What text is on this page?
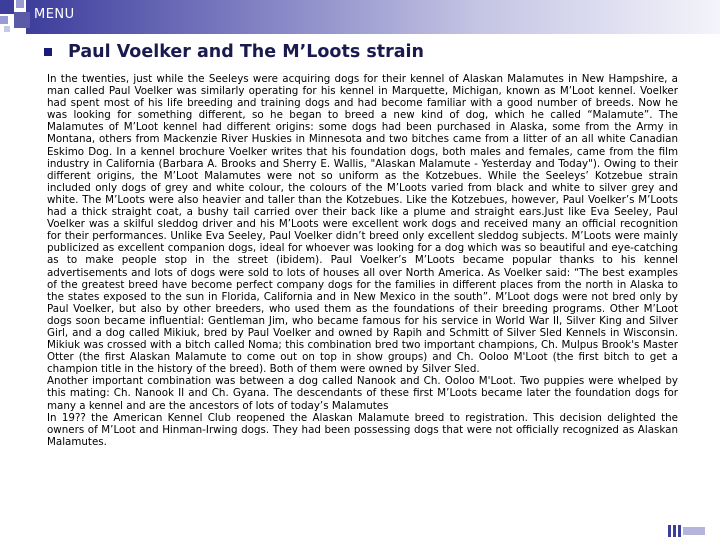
MENU
Paul Voelker and The M’Loots strain

In the twenties, just while the Seeleys were acquiring dogs for their kennel of Alaskan Malamutes in New Hampshire, a man called Paul Voelker was similarly operating for his kennel in Marquette, Michigan, known as M’Loot kennel. Voelker had spent most of his life breeding and training dogs and had become familiar with a good number of breeds. Now he was looking for something different, so he began to breed a new kind of dog, which he called “Malamute”. The Malamutes of M’Loot kennel had different origins: some dogs had been purchased in Alaska, some from the Army in Montana, others from Mackenzie River Huskies in Minnesota and two bitches came from a litter of an all white Canadian Eskimo Dog. In a kennel brochure Voelker writes that his foundation dogs, both males and females, came from the film industry in California (Barbara A. Brooks and Sherry E. Wallis, "Alaskan Malamute - Yesterday and Today"). Owing to their different origins, the M’Loot Malamutes were not so uniform as the Kotzebues. While the Seeleys’ Kotzebue strain included only dogs of grey and white colour, the colours of the M’Loots varied from black and white to silver grey and white. The M’Loots were also heavier and taller than the Kotzebues. Like the Kotzebues, however, Paul Voelker’s M’Loots had a thick straight coat, a bushy tail carried over their back like a plume and straight ears.Just like Eva Seeley, Paul Voelker was a skilful sleddog driver and his M’Loots were excellent work dogs and received many an official recognition for their performances. Unlike Eva Seeley, Paul Voelker didn’t breed only excellent sleddog subjects. M’Loots were mainly publicized as excellent companion dogs, ideal for whoever was looking for a dog which was so beautiful and eye-catching as to make people stop in the street (ibidem). Paul Voelker’s M’Loots became popular thanks to his kennel advertisements and lots of dogs were sold to lots of houses all over North America. As Voelker said: “The best examples of the greatest breed have become perfect company dogs for the families in different places from the north in Alaska to the states exposed to the sun in Florida, California and in New Mexico in the south”. M’Loot dogs were not bred only by Paul Voelker, but also by other breeders, who used them as the foundations of their breeding programs. Other M’Loot dogs soon became influential: Gentleman Jim, who became famous for his service in World War II, Silver King and Silver Girl, and a dog called Mikiuk, bred by Paul Voelker and owned by Rapih and Schmitt of Silver Sled Kennels in Wisconsin. Mikiuk was crossed with a bitch called Noma; this combination bred two important champions, Ch. Mulpus Brook's Master Otter (the first Alaskan Malamute to come out on top in show groups) and Ch. Ooloo M'Loot (the first bitch to get a champion title in the history of the breed). Both of them were owned by Silver Sled.

Another important combination was between a dog called Nanook and Ch. Ooloo M'Loot. Two puppies were whelped by this mating: Ch. Nanook II and Ch. Gyana. The descendants of these first M’Loots became later the foundation dogs for many a kennel and are the ancestors of lots of today’s Malamutes

In 19?? the American Kennel Club reopened the Alaskan Malamute breed to registration. This decision delighted the owners of M’Loot and Hinman-Irwing dogs. They had been possessing dogs that were not officially recognized as Alaskan Malamutes.
